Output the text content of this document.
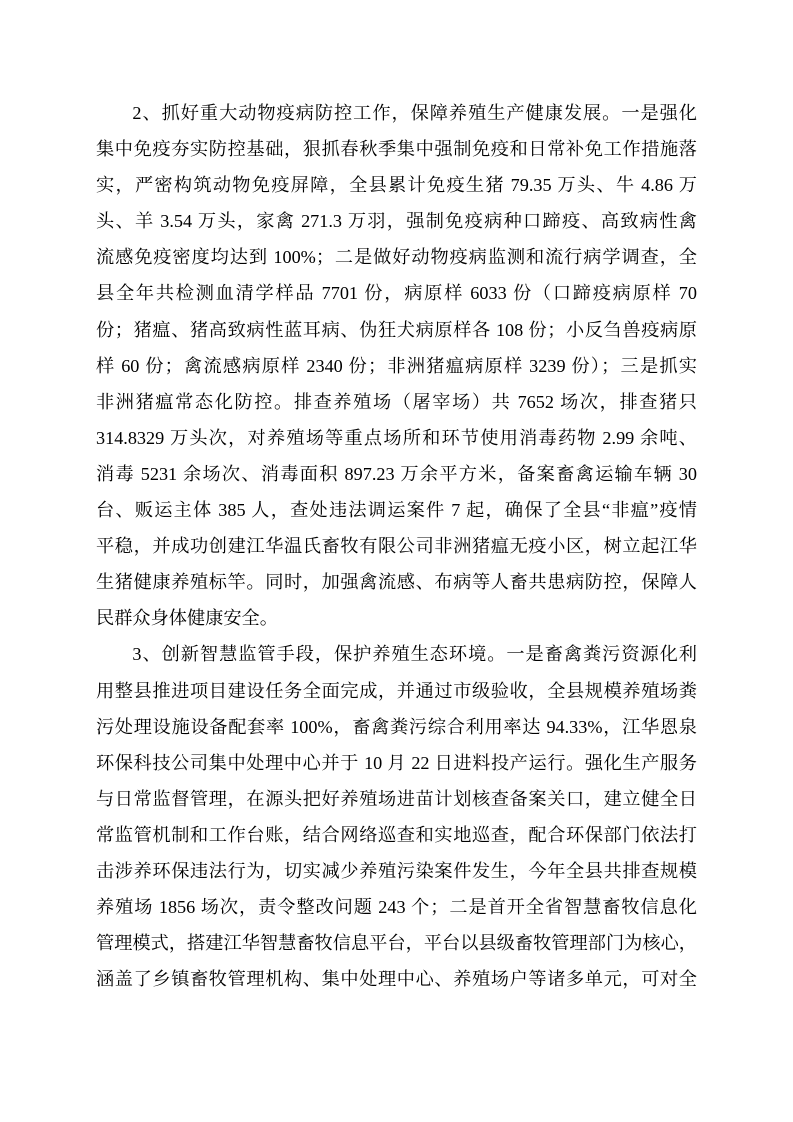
2、抓好重大动物疫病防控工作，保障养殖生产健康发展。一是强化
集中免疫夯实防控基础，狠抓春秋季集中强制免疫和日常补免工作措施落
实，严密构筑动物免疫屏障，全县累计免疫生猪 79.35 万头、牛 4.86 万
头、羊 3.54 万头，家禽 271.3 万羽，强制免疫病种口蹄疫、高致病性禽
流感免疫密度均达到 100%；二是做好动物疫病监测和流行病学调查，全
县全年共检测血清学样品 7701 份，病原样 6033 份（口蹄疫病原样 70
份；猪瘟、猪高致病性蓝耳病、伪狂犬病原样各 108 份；小反刍兽疫病原
样 60 份；禽流感病原样 2340 份；非洲猪瘟病原样 3239 份）；三是抓实
非洲猪瘟常态化防控。排查养殖场（屠宰场）共 7652 场次，排查猪只
314.8329 万头次，对养殖场等重点场所和环节使用消毒药物 2.99 余吨、
消毒 5231 余场次、消毒面积 897.23 万余平方米，备案畜禽运输车辆 30
台、贩运主体 385 人，查处违法调运案件 7 起，确保了全县“非瘟”疫情
平稳，并成功创建江华温氏畜牧有限公司非洲猪瘟无疫小区，树立起江华
生猪健康养殖标竿。同时，加强禽流感、布病等人畜共患病防控，保障人
民群众身体健康安全。
3、创新智慧监管手段，保护养殖生态环境。一是畜禽粪污资源化利
用整县推进项目建设任务全面完成，并通过市级验收，全县规模养殖场粪
污处理设施设备配套率 100%，畜禽粪污综合利用率达 94.33%，江华恩泉
环保科技公司集中处理中心并于 10 月 22 日进料投产运行。强化生产服务
与日常监督管理，在源头把好养殖场进苗计划核查备案关口，建立健全日
常监管机制和工作台账，结合网络巡查和实地巡查，配合环保部门依法打
击涉养环保违法行为，切实减少养殖污染案件发生，今年全县共排查规模
养殖场 1856 场次，责令整改问题 243 个；二是首开全省智慧畜牧信息化
管理模式，搭建江华智慧畜牧信息平台，平台以县级畜牧管理部门为核心，
涵盖了乡镇畜牧管理机构、集中处理中心、养殖场户等诸多单元，可对全
